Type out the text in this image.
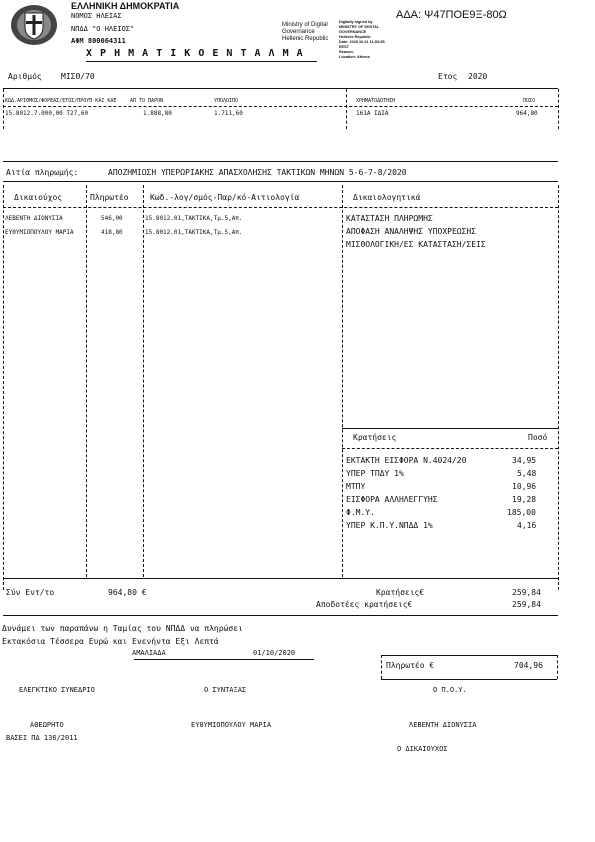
ΕΛΛΗΝΙΚΗ ΔΗΜΟΚΡΑΤΙΑ
ΝΟΜΟΣ ΗΛΕΙΑΣ
ΝΠΔΔ "Ο ΗΛΕΙΟΣ"
ΑΦΜ 800064311
Χ Ρ Η Μ Α Τ Ι Κ Ο Ε Ν Τ Α Λ Μ Α
Ministry of Digital
Governance
Hellenic Republic
Digitally signed by
MINISTRY OF DIGITAL
GOVERNANCE
Hellenic Republic
Date: 2020.10.01 11:53:55
EEST
Reason:
Location: Athens
ΑΔΑ: Ψ47ΠΟΕ9Ξ-80Ω
Αριθμός ΜΙΣΘ/70	Ετος 2020
ΚΩΔ.ΑΡΙΘΜΟΣ/ΦΟΡΕΑΣ/ΕΤΟΣ/ΠΡΟΥΠ ΚΑΙ ΚΑΕ	ΑΠ ΤΟ ΠΑΡΟΝ	ΥΠΟΛΟΙΠΟ	ΧΡΗΜΑΤΟΔΟΤΗΣΗ	ΠΟΣΟ
15.8012.7.000,00 Τ27,60	1.888,80	1.711,60	161Α ΙΔΙΑ	964,80
Αιτία πληρωμής:	ΑΠΟΖΗΜΙΩΣΗ ΥΠΕΡΩΡΙΑΚΗΣ ΑΠΑΣΧΟΛΗΣΗΣ ΤΑΚΤΙΚΩΝ ΜΗΝΩΝ 5-6-7-8/2020
Δικαιούχος	Πληρωτέο	Κωδ.-λογ/σμός-Παρ/κό-Αιτιολογία	Δικαιολογητικά
ΛΕΒΕΝΤΗ ΔΙΟΝΥΣΙΑ	546,00	15.8012.01,ΤΑΚΤΙΚΑ,Τμ.5,Απ.
ΕΥΘΥΜΙΟΠΟΥΛΟΥ ΜΑΡΙΑ	418,80	15.8012.01,ΤΑΚΤΙΚΑ,Τμ.5,Απ.
ΚΑΤΑΣΤΑΣΗ ΠΛΗΡΩΜΗΣ
ΑΠΟΦΑΣΗ ΑΝΑΛΗΨΗΣ ΥΠΟΧΡΕΩΣΗΣ
ΜΙΣΘΟΛΟΓΙΚΗ/ΕΣ ΚΑΤΑΣΤΑΣΗ/ΣΕΙΣ
Κρατήσεις	Ποσό
ΕΚΤΑΚΤΗ ΕΙΣΦΟΡΑ Ν.4024/20	34,95
ΥΠΕΡ ΤΠΔΥ 1%	5,48
ΜΤΠΥ	10,96
ΕΙΣΦΟΡΑ ΑΛΛΗΛΕΓΓΥΗΣ	19,28
Φ.Μ.Υ.	185,00
ΥΠΕΡ Κ.Π.Υ.ΝΠΔΔ 1%	4,16
Σύν Εντ/το	964,80 €	Κρατήσεις€	259,84
Αποδοτέες κρατήσεις€	259,84
Δυνάμει των παραπάνω η Ταμίας του ΝΠΔΔ να πληρώσει
Εκτακόσια Τέσσερα Ευρώ και Ενενήντα Εξι Λεπτά
ΑΜΑΛΙΑΔΑ	01/10/2020
Πληρωτέο €	704,96
ΕΛΕΓΚΤΙΚΟ ΣΥΝΕΔΡΙΟ	Ο ΣΥΝΤΑΞΑΣ	Ο Π.Ο.Υ.
ΑΘΕΩΡΗΤΟ
ΒΑΣΕΙ ΠΔ 136/2011
ΕΥΘΥΜΙΟΠΟΥΛΟΥ ΜΑΡΙΑ	ΛΕΒΕΝΤΗ ΔΙΟΝΥΣΙΑ
Ο ΔΙΚΑΙΟΥΧΟΣ
